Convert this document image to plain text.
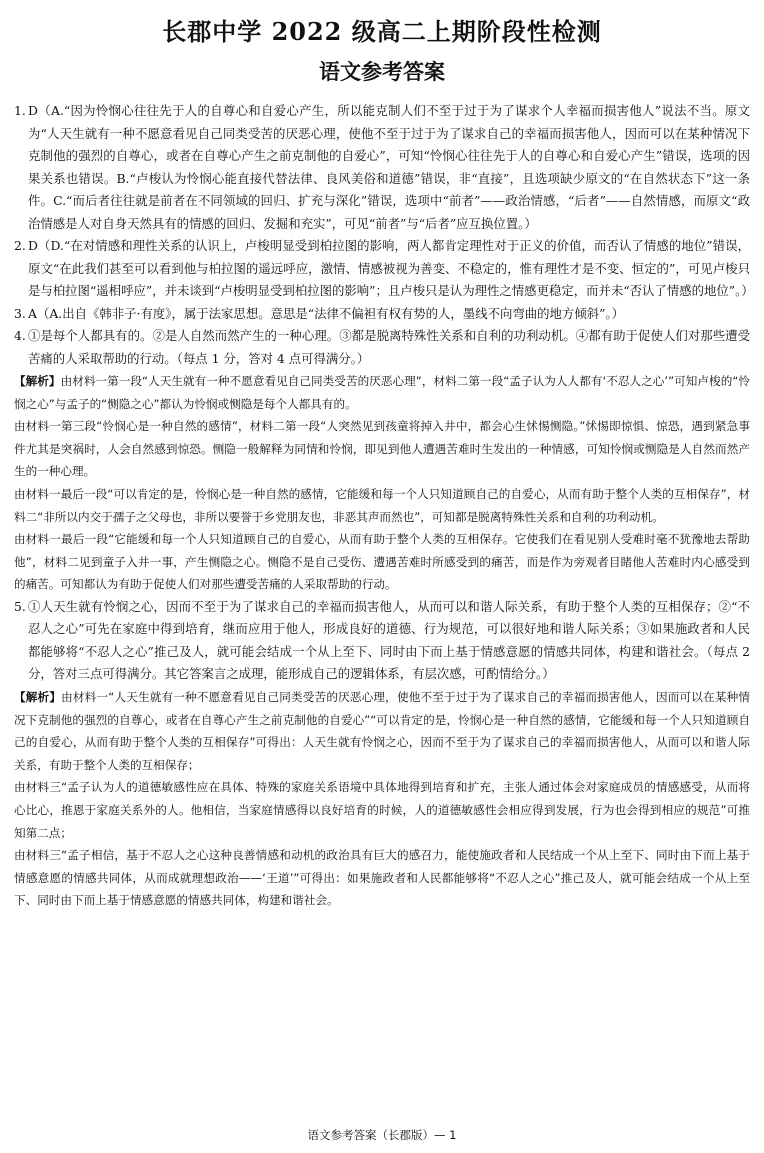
长郡中学 2022 级高二上期阶段性检测
语文参考答案
1. D（A.“因为怜悯心往往先于人的自尊心和自爱心产生，所以能克制人们不至于过于为了谋求个人幸福而损害他人”说法不当。原文为“人天生就有一种不愿意看见自己同类受苦的厌恶心理，使他不至于过于为了谋求自己的幸福而损害他人，因而可以在某种情况下克制他的强烈的自尊心，或者在自尊心产生之前克制他的自爱心”，可知“怜悯心往往先于人的自尊心和自爱心产生”错误，选项的因果关系也错误。B.“卢梭认为怜悯心能直接代替法律、良风美俗和道德”错误，非“直接”，且选项缺少原文的“在自然状态下”这一条件。C.“而后者往往就是前者在不同领域的回归、扩充与深化”错误，选项中“前者”——政治情感，“后者”——自然情感，而原文“政治情感是人对自身天然具有的情感的回归、发掘和充实”，可见“前者”与“后者”应互换位置。）
2. D（D.“在对情感和理性关系的认识上，卢梭明显受到柏拉图的影响，两人都肯定理性对于正义的价值，而否认了情感的地位”错误，原文“在此我们甚至可以看到他与柏拉图的遥远呼应，激情、情感被视为善变、不稳定的，惟有理性才是不变、恒定的”，可见卢梭只是与柏拉图“遥相呼应”，并未谈到“卢梭明显受到柏拉图的影响”；且卢梭只是认为理性之情感更稳定，而并未“否认了情感的地位”。）
3. A（A.出自《韩非子·有度》，属于法家思想。意思是“法律不偏袒有权有势的人，墨线不向弯曲的地方倾斜”。）
4. ①是每个人都具有的。②是人自然而然产生的一种心理。③都是脱离特殊性关系和自利的功利动机。④都有助于促使人们对那些遭受苦痛的人采取帮助的行动。（每点 1 分，答对 4 点可得满分。）

【解析】由材料一第一段“人天生就有一种不愿意看见自己同类受苦的厌恶心理”，材料二第一段“孟子认为人人都有‘不忍人之心’”可知卢梭的“怜悯之心”与孟子的“恻隐之心”都认为怜悯或恻隐是每个人都具有的。

由材料一第三段“怜悯心是一种自然的感情”，材料二第一段“人突然见到孩童将掉入井中，都会心生怵惕恻隐。”怵惕即惊惧、惊恐，遇到紧急事件尤其是突祸时，人会自然感到惊恐。恻隐一般解释为同情和怜悯，即见到他人遭遇苦难时生发出的一种情感，可知怜悯或恻隐是人自然而然产生的一种心理。

由材料一最后一段“可以肯定的是，怜悯心是一种自然的感情，它能缓和每一个人只知道顾自己的自爱心，从而有助于整个人类的互相保存”，材料二“非所以内交于孺子之父母也，非所以要誉于乡党朋友也，非恶其声而然也”，可知都是脱离特殊性关系和自利的功利动机。

由材料一最后一段“它能缓和每一个人只知道顾自己的自爱心，从而有助于整个人类的互相保存。它使我们在看见别人受难时毫不犹豫地去帮助他”，材料二见到童子入井一事，产生恻隐之心。恻隐不是自己受伤、遭遇苦难时所感受到的痛苦，而是作为旁观者目睹他人苦难时内心感受到的痛苦。可知都认为有助于促使人们对那些遭受苦痛的人采取帮助的行动。

5. ①人天生就有怜悯之心，因而不至于为了谋求自己的幸福而损害他人，从而可以和谐人际关系，有助于整个人类的互相保存；②“不忍人之心”可先在家庭中得到培育，继而应用于他人，形成良好的道德、行为规范，可以很好地和谐人际关系；③如果施政者和人民都能够将“不忍人之心”推己及人，就可能会结成一个从上至下、同时由下而上基于情感意愿的情感共同体，构建和谐社会。（每点 2 分，答对三点可得满分。其它答案言之成理，能形成自己的逻辑体系，有层次感，可酌情给分。）

【解析】由材料一“人天生就有一种不愿意看见自己同类受苦的厌恶心理，使他不至于过于为了谋求自己的幸福而损害他人，因而可以在某种情况下克制他的强烈的自尊心，或者在自尊心产生之前克制他的自爱心”“可以肯定的是，怜悯心是一种自然的感情，它能缓和每一个人只知道顾自己的自爱心，从而有助于整个人类的互相保存”可得出：人天生就有怜悯之心，因而不至于为了谋求自己的幸福而损害他人，从而可以和谐人际关系，有助于整个人类的互相保存；

由材料三“孟子认为人的道德敏感性应在具体、特殊的家庭关系语境中具体地得到培育和扩充，主张人通过体会对家庭成员的情感感受，从而将心比心，推恩于家庭关系外的人。他相信，当家庭情感得以良好培育的时候，人的道德敏感性会相应得到发展，行为也会得到相应的规范”可推知第二点；

由材料三“孟子相信，基于不忍人之心这种良善情感和动机的政治具有巨大的感召力，能使施政者和人民结成一个从上至下、同时由下而上基于情感意愿的情感共同体，从而成就理想政治——‘王道’”可得出：如果施政者和人民都能够将“不忍人之心”推己及人，就可能会结成一个从上至下、同时由下而上基于情感意愿的情感共同体，构建和谐社会。

语文参考答案（长郡版）— 1
